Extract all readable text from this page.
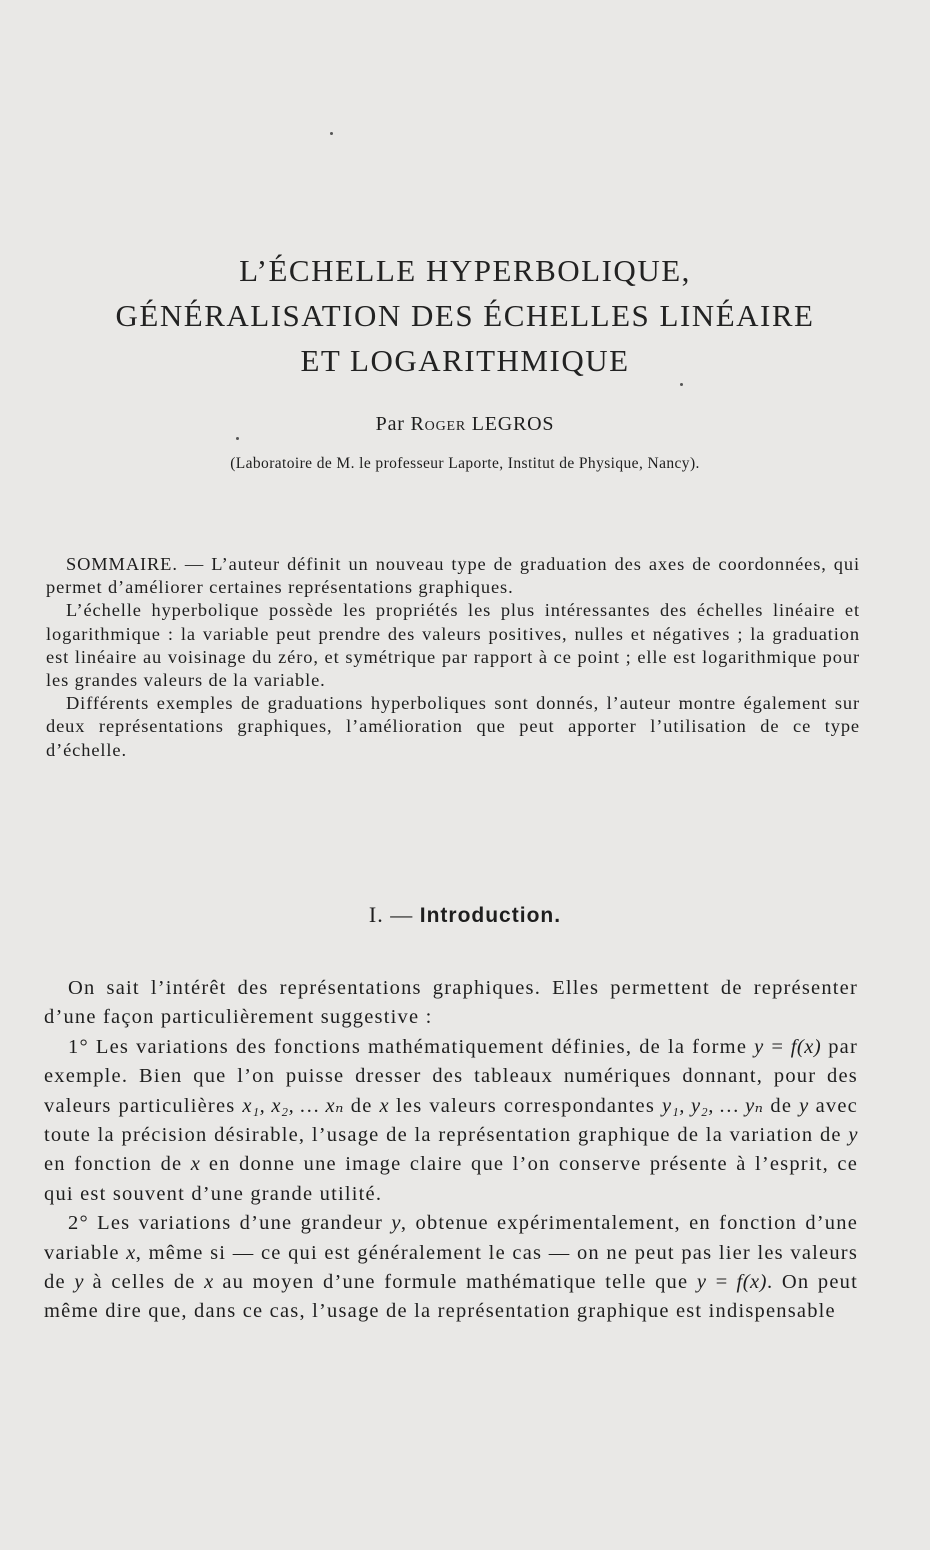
L’ÉCHELLE HYPERBOLIQUE,
GÉNÉRALISATION DES ÉCHELLES LINÉAIRE
ET LOGARITHMIQUE
Par Roger LEGROS
(Laboratoire de M. le professeur Laporte, Institut de Physique, Nancy).

SOMMAIRE. — L’auteur définit un nouveau type de graduation des axes de coordonnées, qui permet d’améliorer certaines représentations graphiques.

L’échelle hyperbolique possède les propriétés les plus intéressantes des échelles linéaire et logarithmique : la variable peut prendre des valeurs positives, nulles et négatives ; la graduation est linéaire au voisinage du zéro, et symétrique par rapport à ce point ; elle est logarithmique pour les grandes valeurs de la variable.

Différents exemples de graduations hyperboliques sont donnés, l’auteur montre également sur deux représentations graphiques, l’amélioration que peut apporter l’utilisation de ce type d’échelle.

I. — Introduction.

On sait l’intérêt des représentations graphiques. Elles permettent de représenter d’une façon particulièrement suggestive :

1° Les variations des fonctions mathématiquement définies, de la forme y = f(x) par exemple. Bien que l’on puisse dresser des tableaux numériques donnant, pour des valeurs particulières x₁, x₂, … xₙ de x les valeurs correspondantes y₁, y₂, … yₙ de y avec toute la précision désirable, l’usage de la représentation graphique de la variation de y en fonction de x en donne une image claire que l’on conserve présente à l’esprit, ce qui est souvent d’une grande utilité.

2° Les variations d’une grandeur y, obtenue expérimentalement, en fonction d’une variable x, même si — ce qui est généralement le cas — on ne peut pas lier les valeurs de y à celles de x au moyen d’une formule mathématique telle que y = f(x). On peut même dire que, dans ce cas, l’usage de la représentation graphique est indispensable
